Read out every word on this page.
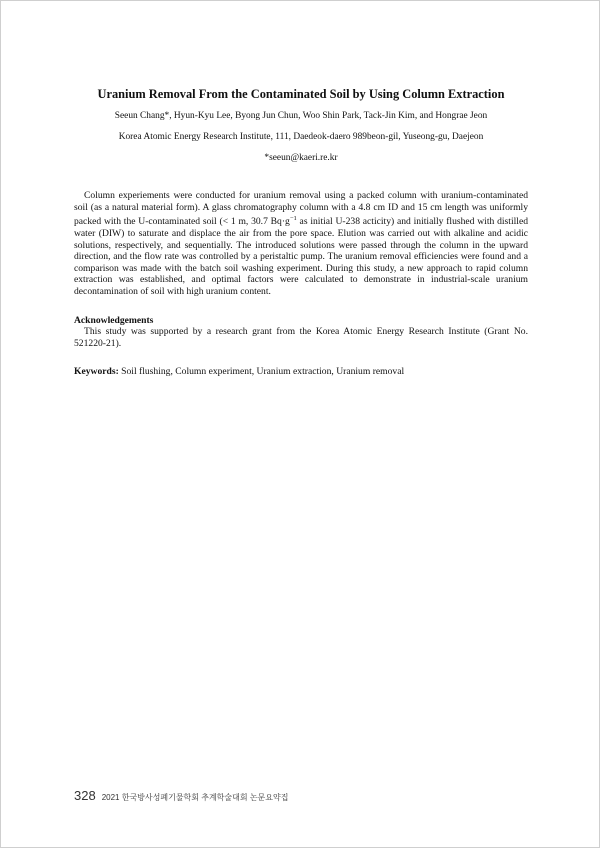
Uranium Removal From the Contaminated Soil by Using Column Extraction

Seeun Chang*, Hyun-Kyu Lee, Byong Jun Chun, Woo Shin Park, Tack-Jin Kim, and Hongrae Jeon

Korea Atomic Energy Research Institute, 111, Daedeok-daero 989beon-gil, Yuseong-gu, Daejeon

*seeun@kaeri.re.kr

Column experiements were conducted for uranium removal using a packed column with uranium-contaminated soil (as a natural material form). A glass chromatography column with a 4.8 cm ID and 15 cm length was uniformly packed with the U-contaminated soil (< 1 m, 30.7 $Bq\cdot g^{-1}$ as initial U-238 acticity) and initially flushed with distilled water (DIW) to saturate and displace the air from the pore space. Elution was carried out with alkaline and acidic solutions, respectively, and sequentially. The introduced solutions were passed through the column in the upward direction, and the flow rate was controlled by a peristaltic pump. The uranium removal efficiencies were found and a comparison was made with the batch soil washing experiment. During this study, a new approach to rapid column extraction was established, and optimal factors were calculated to demonstrate in industrial-scale uranium decontamination of soil with high uranium content.

Acknowledgements

This study was supported by a research grant from the Korea Atomic Energy Research Institute (Grant No. 521220-21).

Keywords: Soil flushing, Column experiment, Uranium extraction, Uranium removal

328 2021 한국방사성폐기물학회 추계학술대회 논문요약집
